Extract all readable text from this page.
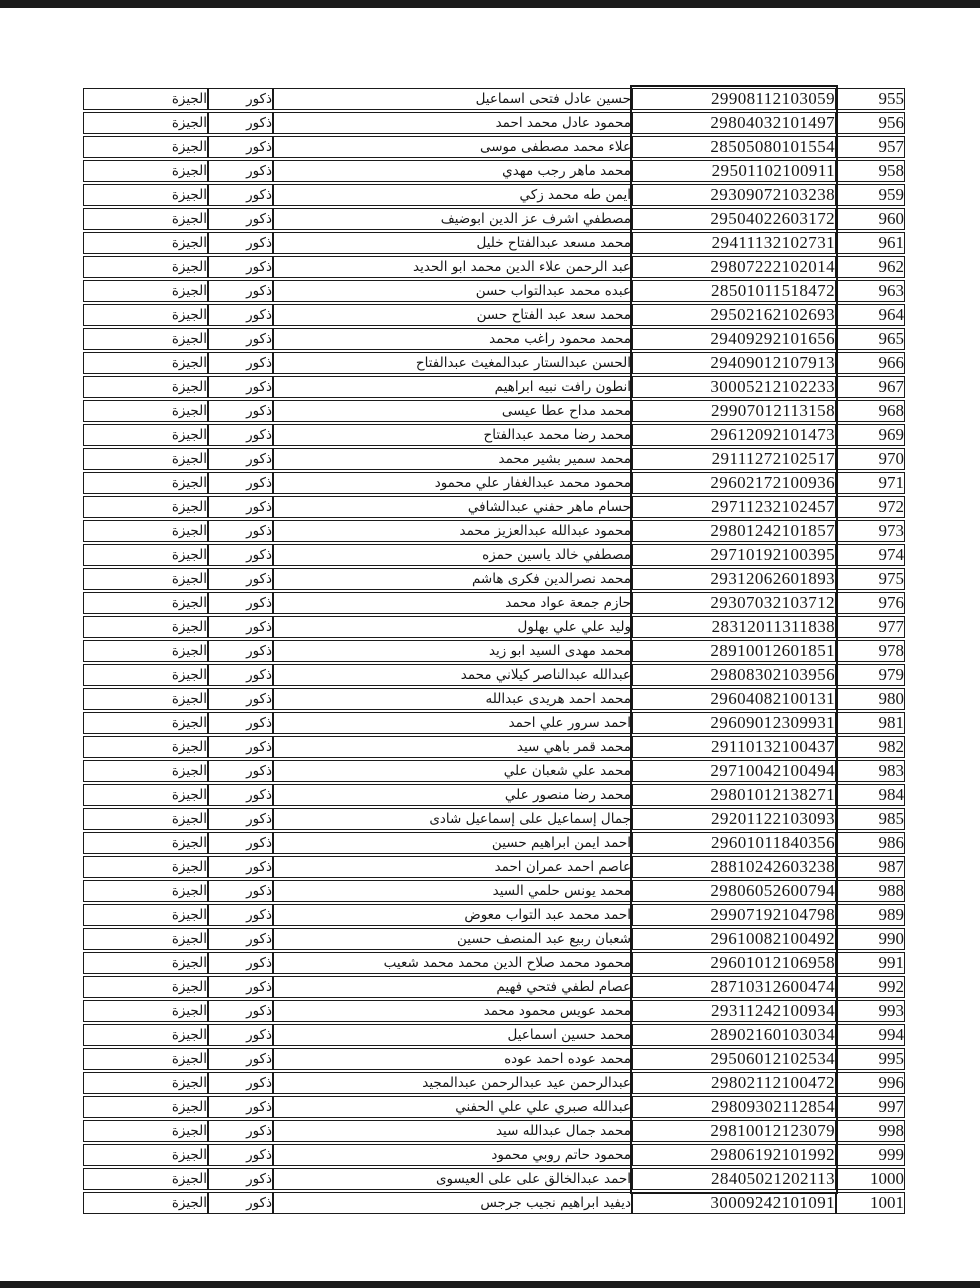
955	29908112103059	حسين عادل فتحى اسماعيل	ذكور	الجيزة
956	29804032101497	محمود عادل محمد احمد	ذكور	الجيزة
957	28505080101554	علاء محمد مصطفى موسى	ذكور	الجيزة
958	29501102100911	محمد ماهر رجب مهدي	ذكور	الجيزة
959	29309072103238	ايمن طه محمد زكي	ذكور	الجيزة
960	29504022603172	مصطفي اشرف عز الدين ابوضيف	ذكور	الجيزة
961	29411132102731	محمد مسعد عبدالفتاح خليل	ذكور	الجيزة
962	29807222102014	عبد الرحمن علاء الدين محمد ابو الحديد	ذكور	الجيزة
963	28501011518472	عبده محمد عبدالتواب حسن	ذكور	الجيزة
964	29502162102693	محمد سعد عبد الفتاح حسن	ذكور	الجيزة
965	29409292101656	محمد محمود راغب محمد	ذكور	الجيزة
966	29409012107913	الحسن عبدالستار عبدالمغيث عبدالفتاح	ذكور	الجيزة
967	30005212102233	انطون رافت نبيه ابراهيم	ذكور	الجيزة
968	29907012113158	محمد مداح عطا عيسى	ذكور	الجيزة
969	29612092101473	محمد رضا محمد عبدالفتاح	ذكور	الجيزة
970	29111272102517	محمد سمير بشير محمد	ذكور	الجيزة
971	29602172100936	محمود محمد عبدالغفار علي محمود	ذكور	الجيزة
972	29711232102457	حسام ماهر حفني عبدالشافي	ذكور	الجيزة
973	29801242101857	محمود عبدالله عبدالعزيز محمد	ذكور	الجيزة
974	29710192100395	مصطفي خالد ياسين حمزه	ذكور	الجيزة
975	29312062601893	محمد نصرالدين فكرى هاشم	ذكور	الجيزة
976	29307032103712	حازم جمعة عواد محمد	ذكور	الجيزة
977	28312011311838	وليد علي علي بهلول	ذكور	الجيزة
978	28910012601851	محمد مهدى السيد ابو زيد	ذكور	الجيزة
979	29808302103956	عبدالله عبدالناصر كيلاني محمد	ذكور	الجيزة
980	29604082100131	محمد احمد هريدى عبدالله	ذكور	الجيزة
981	29609012309931	احمد سرور علي احمد	ذكور	الجيزة
982	29110132100437	محمد قمر باهي سيد	ذكور	الجيزة
983	29710042100494	محمد علي شعبان علي	ذكور	الجيزة
984	29801012138271	محمد رضا منصور علي	ذكور	الجيزة
985	29201122103093	جمال إسماعيل على إسماعيل شادى	ذكور	الجيزة
986	29601011840356	احمد ايمن ابراهيم حسين	ذكور	الجيزة
987	28810242603238	عاصم احمد عمران احمد	ذكور	الجيزة
988	29806052600794	محمد يونس حلمي السيد	ذكور	الجيزة
989	29907192104798	احمد محمد عبد التواب معوض	ذكور	الجيزة
990	29610082100492	شعبان ربيع عبد المنصف حسين	ذكور	الجيزة
991	29601012106958	محمود محمد صلاح الدين محمد محمد شعيب	ذكور	الجيزة
992	28710312600474	عصام لطفي فتحي فهيم	ذكور	الجيزة
993	29311242100934	محمد عويس محمود محمد	ذكور	الجيزة
994	28902160103034	محمد حسين اسماعيل	ذكور	الجيزة
995	29506012102534	محمد عوده احمد عوده	ذكور	الجيزة
996	29802112100472	عبدالرحمن عيد عبدالرحمن عبدالمجيد	ذكور	الجيزة
997	29809302112854	عبدالله صبري علي علي الحفني	ذكور	الجيزة
998	29810012123079	محمد جمال عبدالله سيد	ذكور	الجيزة
999	29806192101992	محمود حاتم روبي محمود	ذكور	الجيزة
1000	28405021202113	احمد عبدالخالق على على العيسوى	ذكور	الجيزة
1001	30009242101091	ديفيد ابراهيم نجيب جرجس	ذكور	الجيزة
